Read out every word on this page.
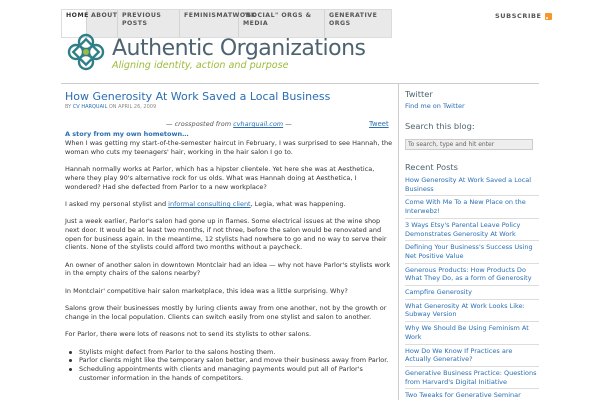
HOME ABOUT PREVIOUS POSTS
FEMINISMATWORK
"SOCIAL" ORGS & MEDIA
GENERATIVE ORGS
SUBSCRIBE
Authentic Organizations
Aligning identity, action and purpose
How Generosity At Work Saved a Local Business
BY CV HARQUAIL ON APRIL 26, 2009
— crossposted from cvharquail.com —	Tweet
A story from my own hometown…

When I was getting my start-of-the-semester haircut in February, I was surprised to see Hannah, the woman who cuts my teenagers' hair, working in the hair salon I go to.

Hannah normally works at Parlor, which has a hipster clientele. Yet here she was at Aesthetica, where they play 90's alternative rock for us olds. What was Hannah doing at Aesthetica, I wondered? Had she defected from Parlor to a new workplace?

I asked my personal stylist and informal consulting client, Legia, what was happening.

Just a week earlier, Parlor's salon had gone up in flames. Some electrical issues at the wine shop next door. It would be at least two months, if not three, before the salon would be renovated and open for business again. In the meantime, 12 stylists had nowhere to go and no way to serve their clients. None of the stylists could afford two months without a paycheck.

An owner of another salon in downtown Montclair had an idea — why not have Parlor's stylists work in the empty chairs of the salons nearby?

In Montclair' competitive hair salon marketplace, this idea was a little surprising. Why?

Salons grow their businesses mostly by luring clients away from one another, not by the growth or change in the local population. Clients can switch easily from one stylist and salon to another.

For Parlor, there were lots of reasons not to send its stylists to other salons.

Stylists might defect from Parlor to the salons hosting them.
Parlor clients might like the temporary salon better, and move their business away from Parlor.
Scheduling appointments with clients and managing payments would put all of Parlor's customer information in the hands of competitors.
Twitter
Find me on Twitter
Search this blog:
To search, type and hit enter
Recent Posts
How Generosity At Work Saved a Local Business
Come With Me To a New Place on the Interwebz!
3 Ways Etsy's Parental Leave Policy Demonstrates Generosity At Work
Defining Your Business's Success Using Net Positive Value
Generous Products: How Products Do What They Do, as a form of Generosity
Campfire Generosity
What Generosity At Work Looks Like: Subway Version
Why We Should Be Using Feminism At Work
How Do We Know If Practices are Actually Generative?
Generative Business Practice: Questions from Harvard's Digital Initiative
Two Tweaks for Generative Seminar
